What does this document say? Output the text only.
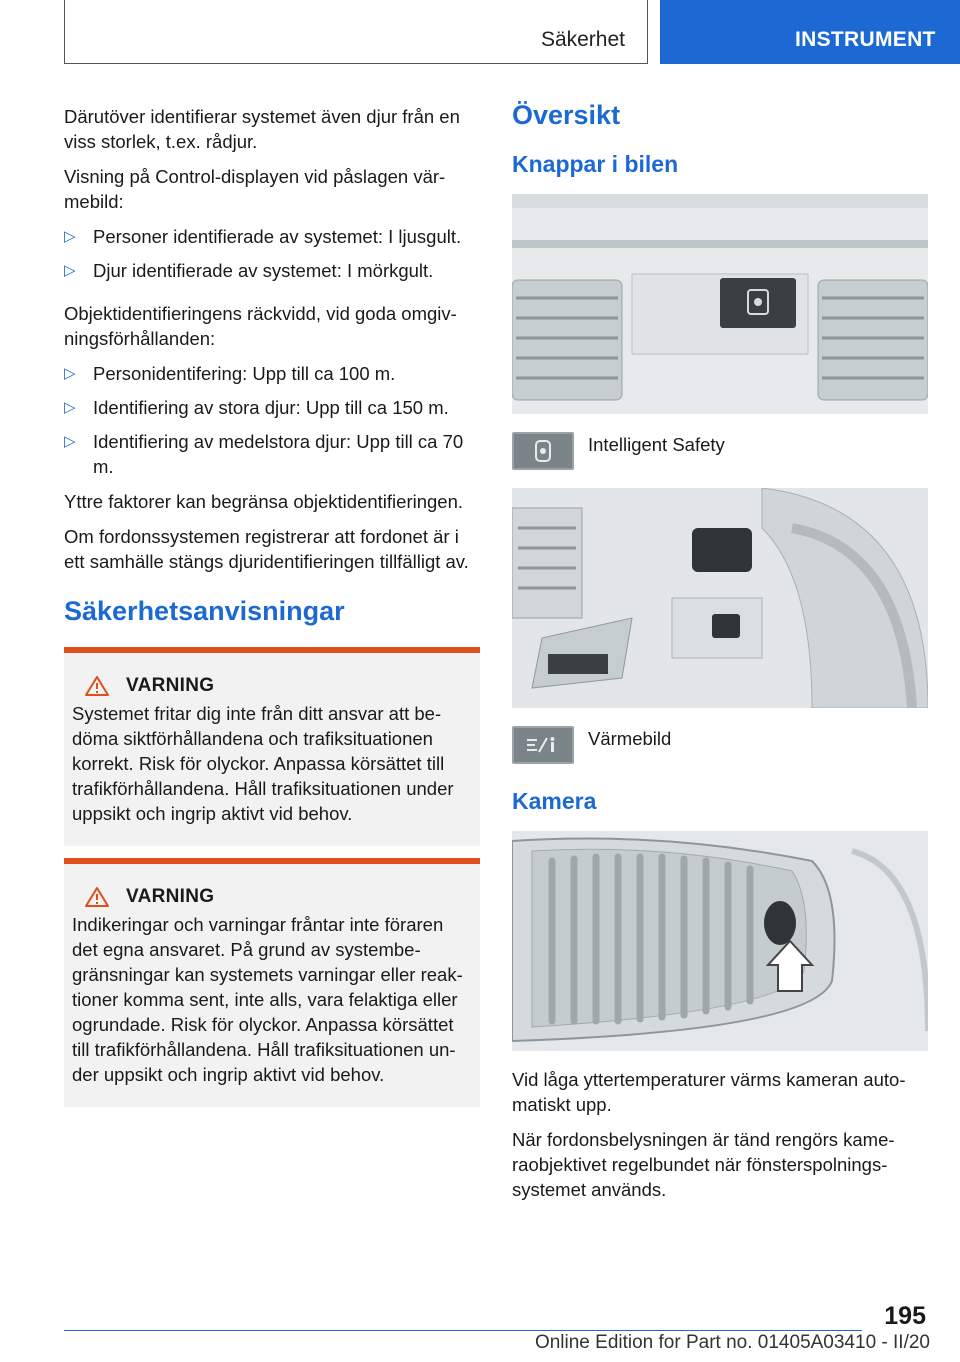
Säkerhet	INSTRUMENT

Därutöver identifierar systemet även djur från en viss storlek, t.ex. rådjur.

Visning på Control-displayen vid påslagen värmebild:

▷ Personer identifierade av systemet: I ljusgult.
▷ Djur identifierade av systemet: I mörkgult.

Objektidentifieringens räckvidd, vid goda omgivningsförhållanden:

▷ Personidentifering: Upp till ca 100 m.
▷ Identifiering av stora djur: Upp till ca 150 m.
▷ Identifiering av medelstora djur: Upp till ca 70 m.

Yttre faktorer kan begränsa objektidentifieringen.

Om fordonssystemen registrerar att fordonet är i ett samhälle stängs djuridentifieringen tillfälligt av.

Säkerhetsanvisningar
VARNING

Systemet fritar dig inte från ditt ansvar att bedöma siktförhållandena och trafiksituationen korrekt. Risk för olyckor. Anpassa körsättet till trafikförhållandena. Håll trafiksituationen under uppsikt och ingrip aktivt vid behov.

VARNING

Indikeringar och varningar fråntar inte föraren det egna ansvaret. På grund av systembegränsningar kan systemets varningar eller reaktioner komma sent, inte alls, vara felaktiga eller ogrundade. Risk för olyckor. Anpassa körsättet till trafikförhållandena. Håll trafiksituationen under uppsikt och ingrip aktivt vid behov.

Översikt
Knappar i bilen
Intelligent Safety
Värmebild
Kamera

Vid låga yttertemperaturer värms kameran automatiskt upp.

När fordonsbelysningen är tänd rengörs kameraobjektivet regelbundet när fönsterspolningssystemet används.

195
Online Edition for Part no. 01405A03410 - II/20
